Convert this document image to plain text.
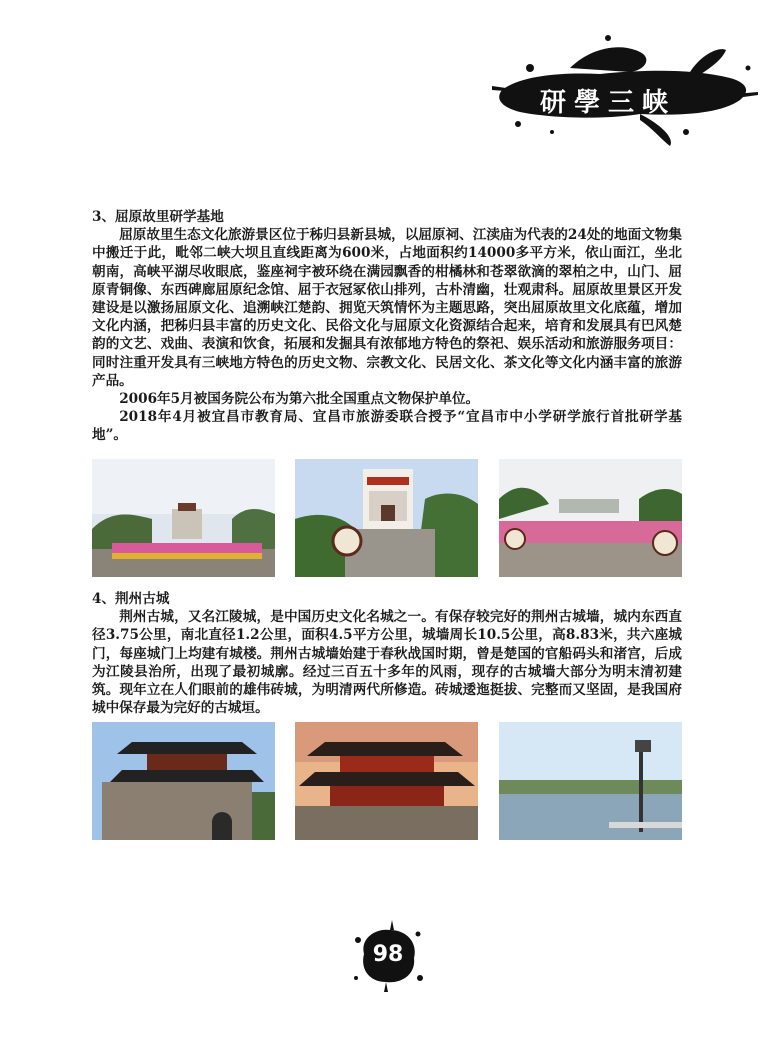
研學三峡
3、屈原故里研学基地

屈原故里生态文化旅游景区位于秭归县新县城，以屈原祠、江渎庙为代表的24处的地面文物集中搬迁于此，毗邻二峡大坝且直线距离为600米，占地面积约14000多平方米，依山面江，坐北朝南，高峡平湖尽收眼底，鉴座祠宇被环绕在满园飘香的柑橘林和苍翠欲滴的翠柏之中，山门、屈原青铜像、东西碑廊屈原纪念馆、屈于衣冠冢依山排列，古朴清幽，壮观肃科。屈原故里景区开发建设是以激扬屈原文化、追溯峡江楚韵、拥览天筑情怀为主题思路，突出屈原故里文化底蕴，增加文化内涵，把秭归县丰富的历史文化、民俗文化与屈原文化资源结合起来，培育和发展具有巴风楚韵的文艺、戏曲、表演和饮食，拓展和发掘具有浓郁地方特色的祭祀、娱乐活动和旅游服务项目：同时注重开发具有三峡地方特色的历史文物、宗教文化、民居文化、茶文化等文化内涵丰富的旅游产品。

2006年5月被国务院公布为第六批全国重点文物保护单位。

2018年4月被宜昌市教育局、宜昌市旅游委联合授予“宜昌市中小学研学旅行首批研学基地”。

4、荆州古城

荆州古城，又名江陵城，是中国历史文化名城之一。有保存较完好的荆州古城墙，城内东西直径3.75公里，南北直径1.2公里，面积4.5平方公里，城墙周长10.5公里，高8.83米，共六座城门，每座城门上均建有城楼。荆州古城墙始建于春秋战国时期，曾是楚国的官船码头和渚宫，后成为江陵县治所，出现了最初城廓。经过三百五十多年的风雨，现存的古城墙大部分为明末清初建筑。现年立在人们眼前的雄伟砖城，为明清两代所修造。砖城逶迤挺拔、完整而又坚固，是我国府城中保存最为完好的古城垣。

98
